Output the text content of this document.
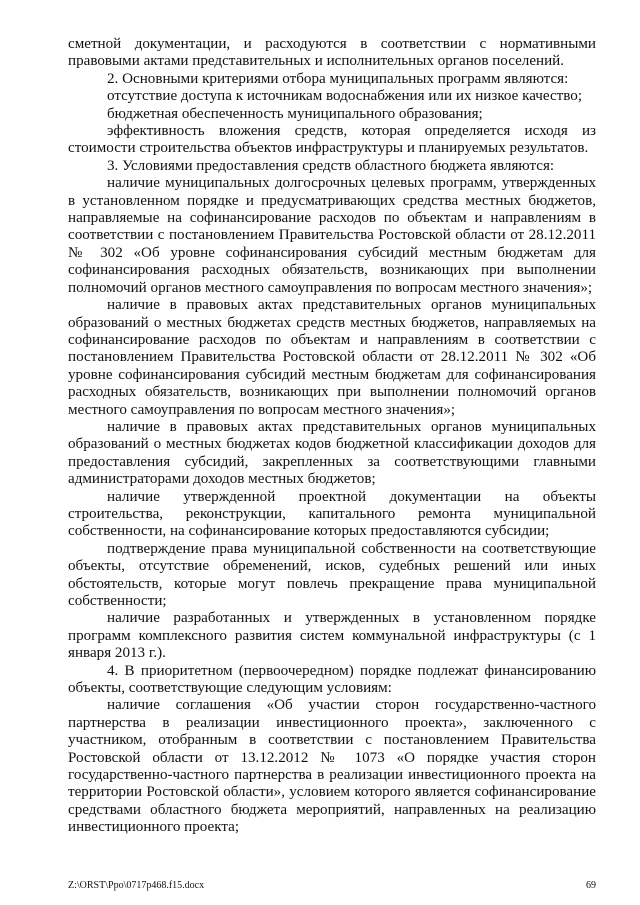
сметной документации, и расходуются в соответствии с нормативными правовыми актами представительных и исполнительных органов поселений.

2. Основными критериями отбора муниципальных программ являются:

отсутствие доступа к источникам водоснабжения или их низкое качество;

бюджетная обеспеченность муниципального образования;

эффективность вложения средств, которая определяется исходя из стоимости строительства объектов инфраструктуры и планируемых результатов.

3. Условиями предоставления средств областного бюджета являются:

наличие муниципальных долгосрочных целевых программ, утвержденных в установленном порядке и предусматривающих средства местных бюджетов, направляемые на софинансирование расходов по объектам и направлениям в соответствии с постановлением Правительства Ростовской области от 28.12.2011 № 302 «Об уровне софинансирования субсидий местным бюджетам для софинансирования расходных обязательств, возникающих при выполнении полномочий органов местного самоуправления по вопросам местного значения»;

наличие в правовых актах представительных органов муниципальных образований о местных бюджетах средств местных бюджетов, направляемых на софинансирование расходов по объектам и направлениям в соответствии с постановлением Правительства Ростовской области от 28.12.2011 № 302 «Об уровне софинансирования субсидий местным бюджетам для софинансирования расходных обязательств, возникающих при выполнении полномочий органов местного самоуправления по вопросам местного значения»;

наличие в правовых актах представительных органов муниципальных образований о местных бюджетах кодов бюджетной классификации доходов для предоставления субсидий, закрепленных за соответствующими главными администраторами доходов местных бюджетов;

наличие утвержденной проектной документации на объекты строительства, реконструкции, капитального ремонта муниципальной собственности, на софинансирование которых предоставляются субсидии;

подтверждение права муниципальной собственности на соответствующие объекты, отсутствие обременений, исков, судебных решений или иных обстоятельств, которые могут повлечь прекращение права муниципальной собственности;

наличие разработанных и утвержденных в установленном порядке программ комплексного развития систем коммунальной инфраструктуры (с 1 января 2013 г.).

4. В приоритетном (первоочередном) порядке подлежат финансированию объекты, соответствующие следующим условиям:

наличие соглашения «Об участии сторон государственно-частного партнерства в реализации инвестиционного проекта», заключенного с участником, отобранным в соответствии с постановлением Правительства Ростовской области от 13.12.2012 № 1073 «О порядке участия сторон государственно-частного партнерства в реализации инвестиционного проекта на территории Ростовской области», условием которого является софинансирование средствами областного бюджета мероприятий, направленных на реализацию инвестиционного проекта;

Z:\ORST\Ppo\0717p468.f15.docx	69
